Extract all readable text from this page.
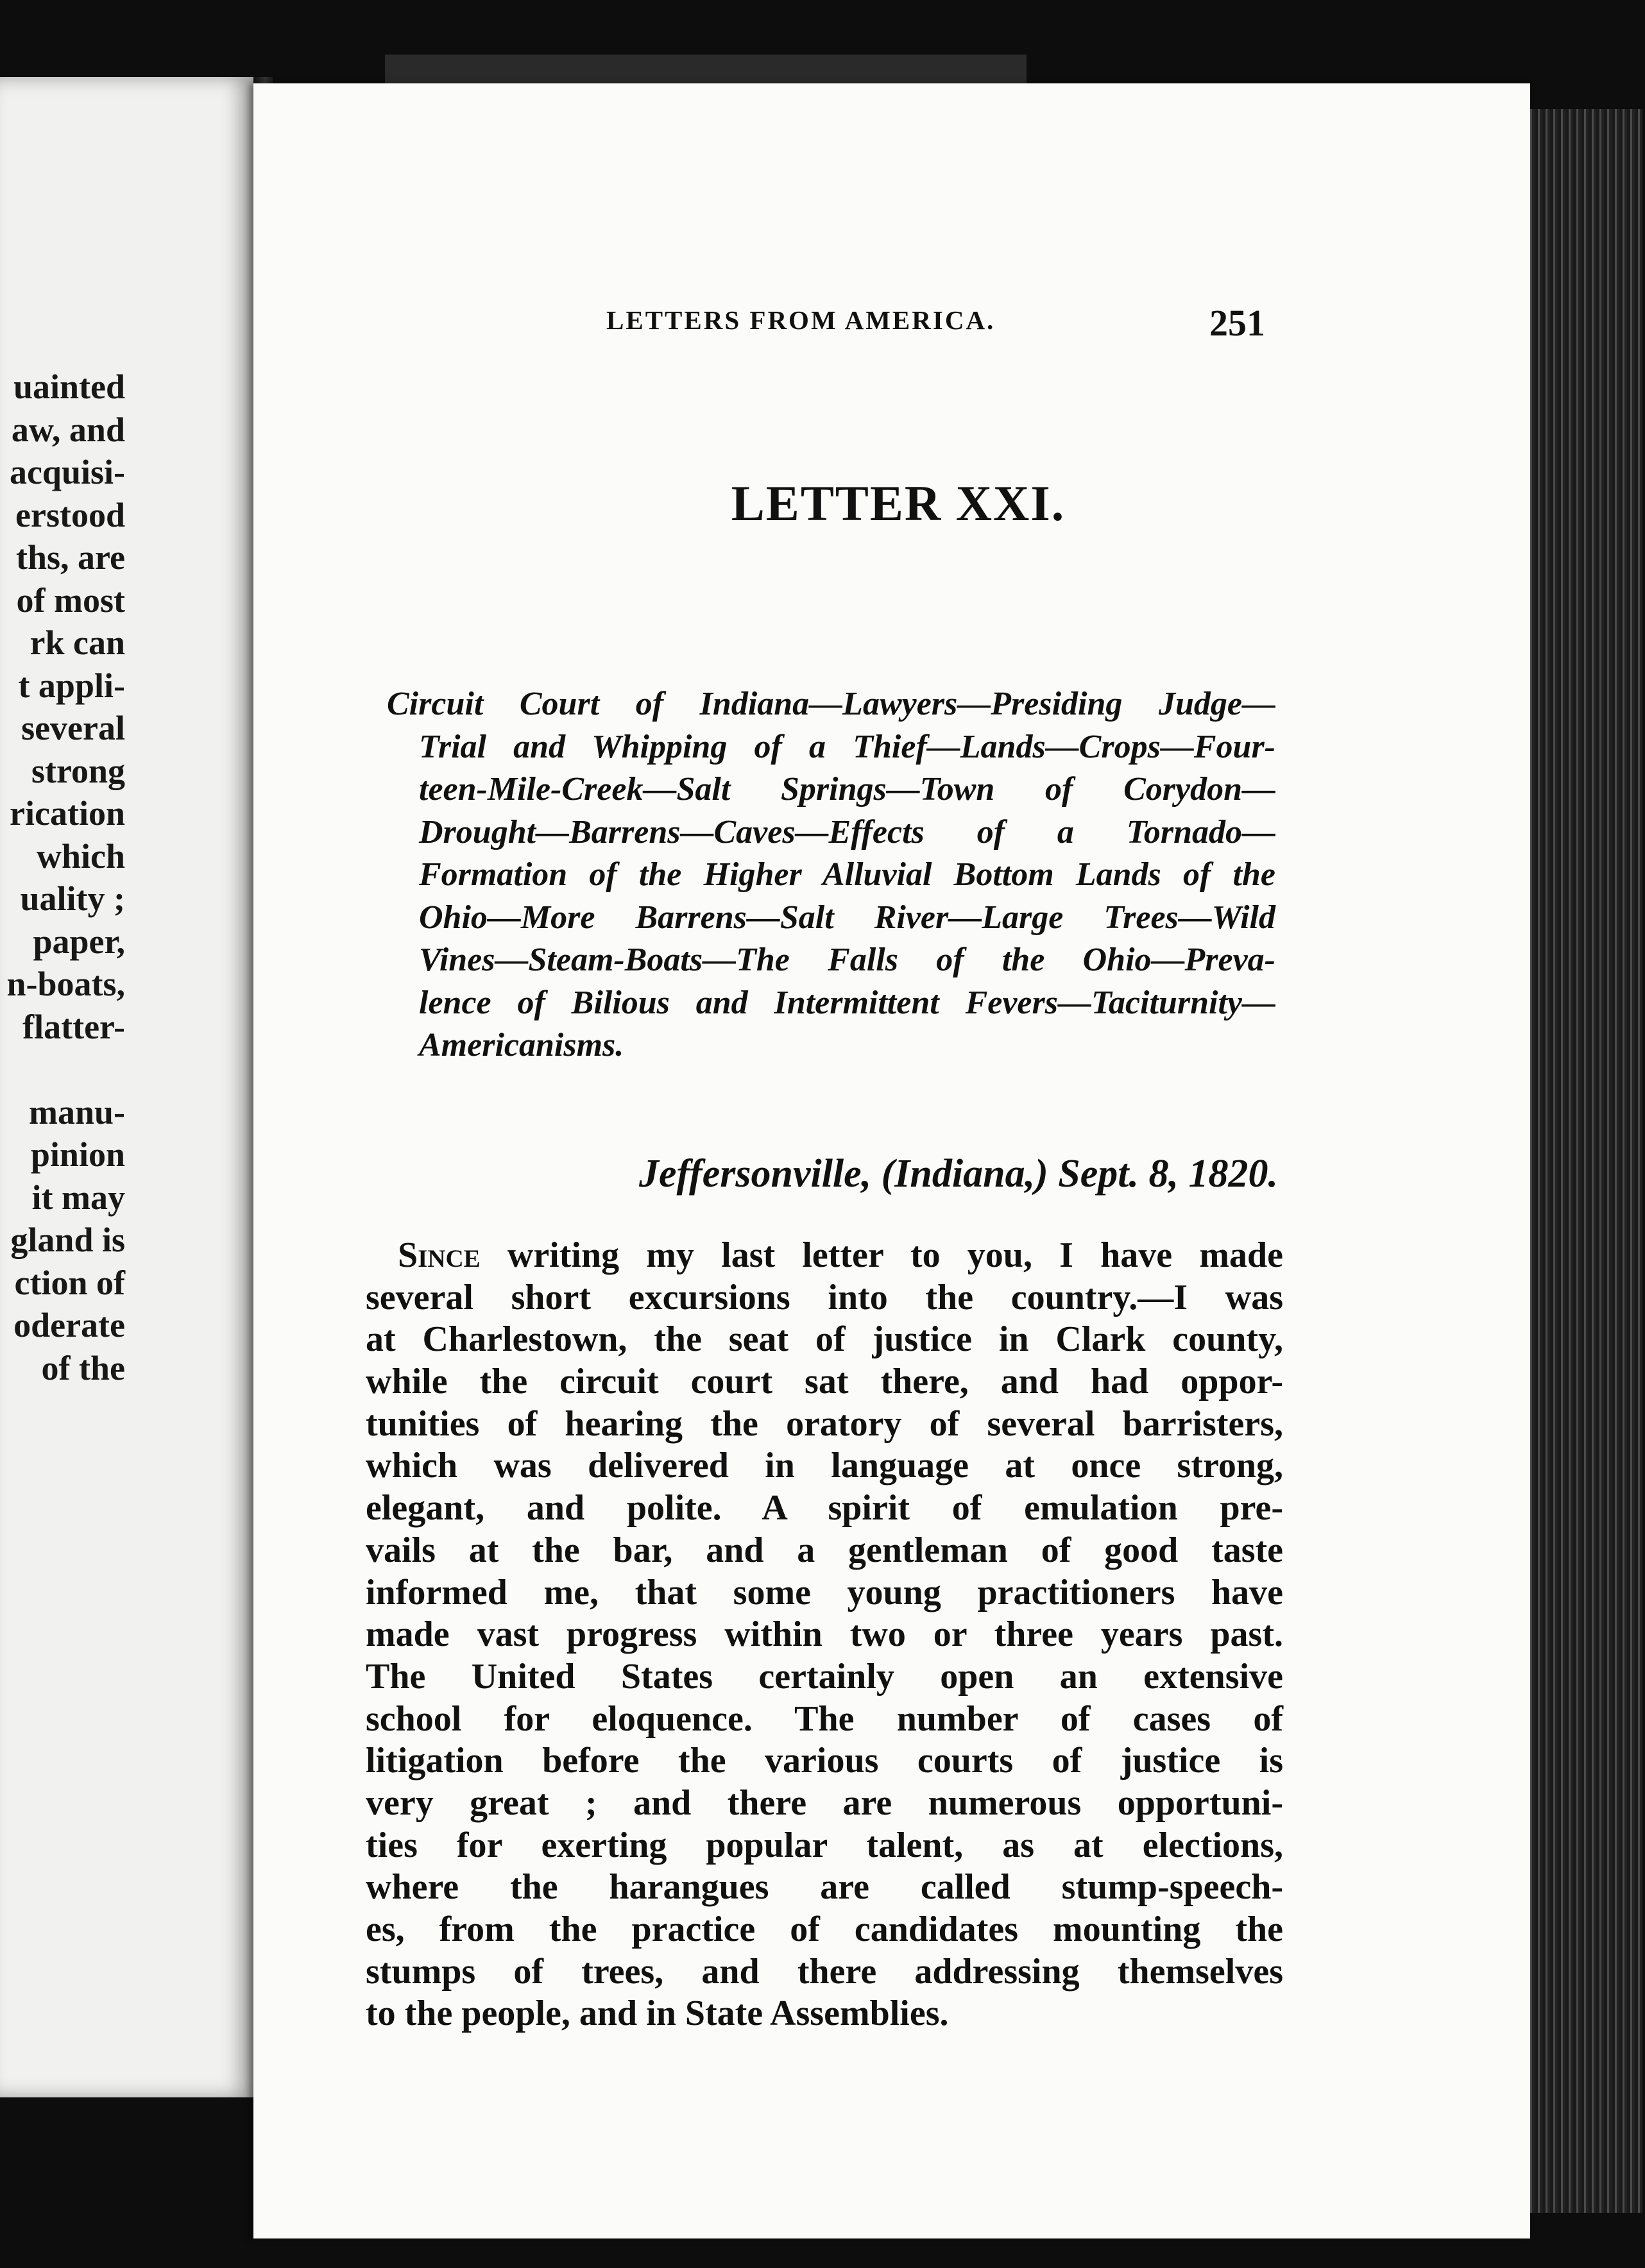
uainted
aw, and
acquisi-
erstood
ths, are
of most
rk can
t appli-
several
strong
rication
which
uality ;
paper,
n-boats,
flatter-
manu-
pinion
it may
gland is
ction of
oderate
of the
LETTERS FROM AMERICA.	251
LETTER XXI.
Circuit Court of Indiana—Lawyers—Presiding Judge—
Trial and Whipping of a Thief—Lands—Crops—Four-
teen-Mile-Creek—Salt Springs—Town of Corydon—
Drought—Barrens—Caves—Effects of a Tornado—
Formation of the Higher Alluvial Bottom Lands of the
Ohio—More Barrens—Salt River—Large Trees—Wild
Vines—Steam-Boats—The Falls of the Ohio—Preva-
lence of Bilious and Intermittent Fevers—Taciturnity—
Americanisms.
Jeffersonville, (Indiana,) Sept. 8, 1820.
Since writing my last letter to you, I have made
several short excursions into the country.—I was
at Charlestown, the seat of justice in Clark county,
while the circuit court sat there, and had oppor-
tunities of hearing the oratory of several barristers,
which was delivered in language at once strong,
elegant, and polite. A spirit of emulation pre-
vails at the bar, and a gentleman of good taste
informed me, that some young practitioners have
made vast progress within two or three years past.
The United States certainly open an extensive
school for eloquence. The number of cases of
litigation before the various courts of justice is
very great ; and there are numerous opportuni-
ties for exerting popular talent, as at elections,
where the harangues are called stump-speech-
es, from the practice of candidates mounting the
stumps of trees, and there addressing themselves
to the people, and in State Assemblies.
